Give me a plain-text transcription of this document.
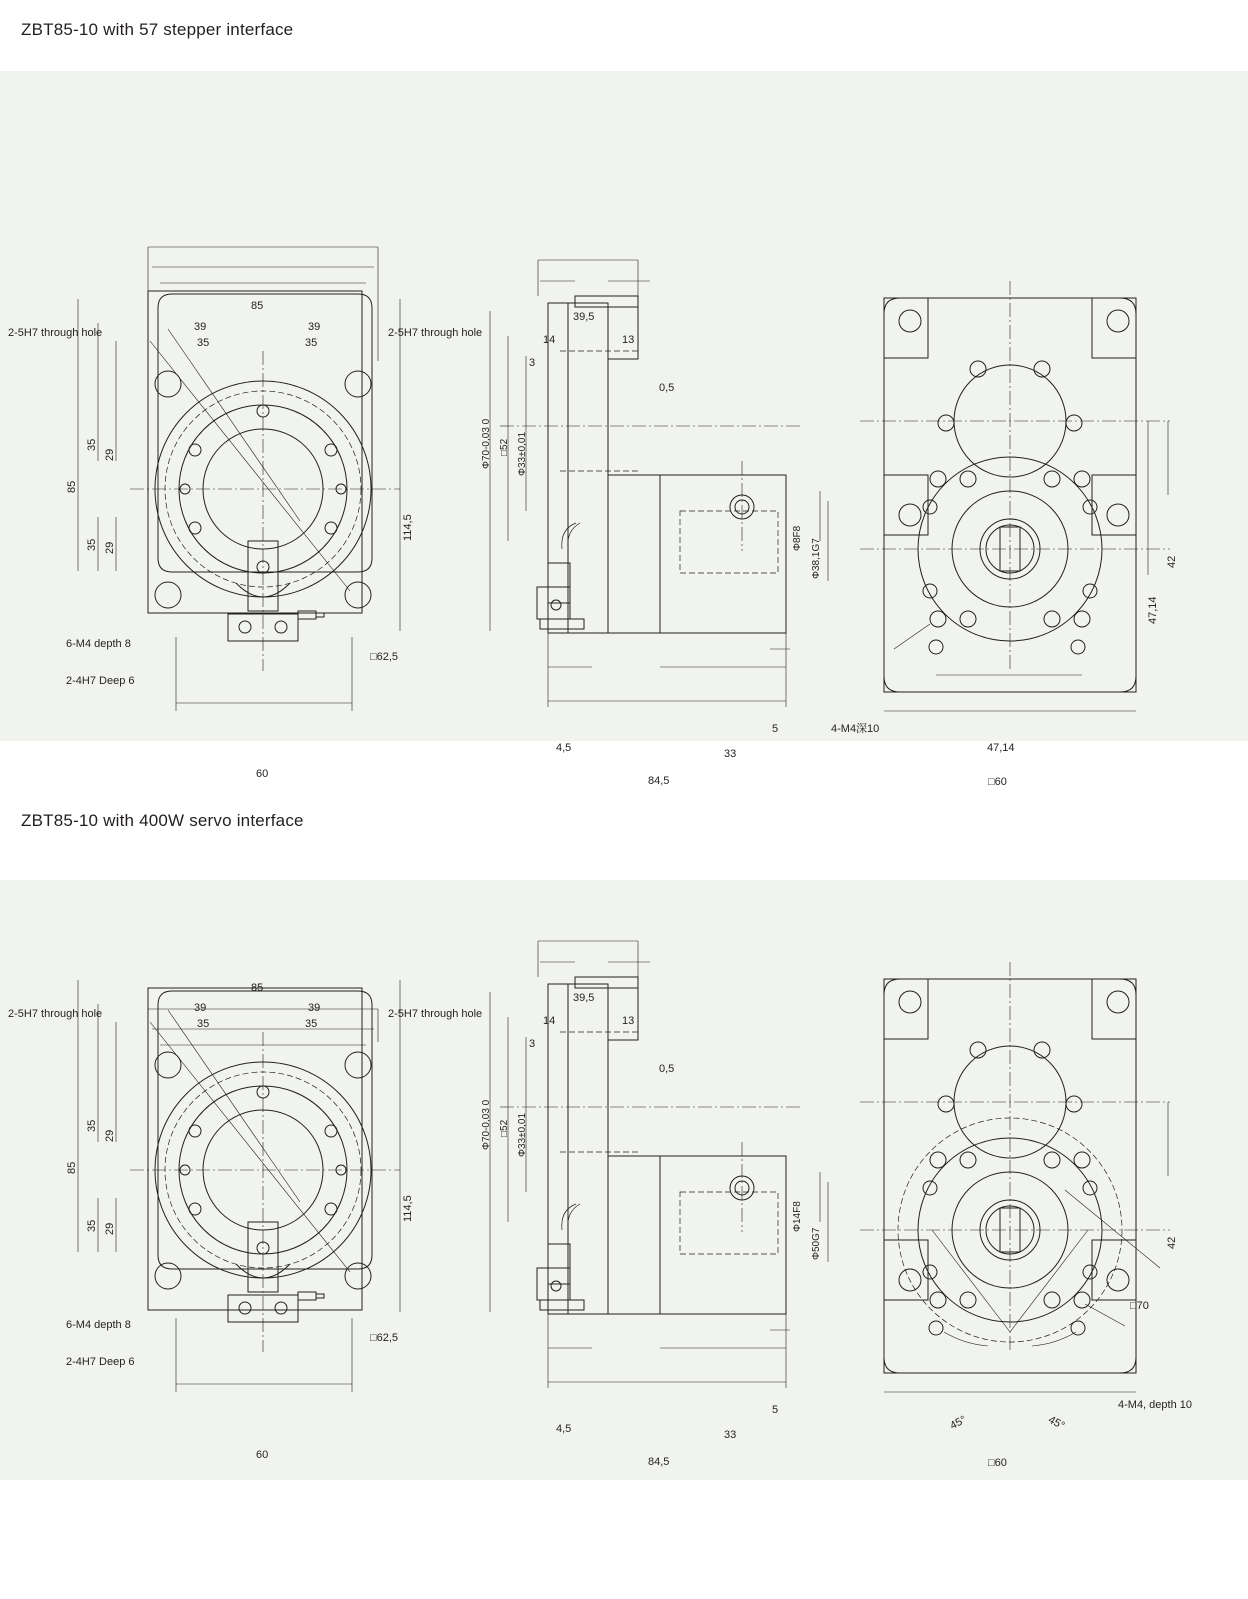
ZBT85-10 with 57 stepper interface
85
39	39
35	35
85
35
35
29
29
114,5
60
2-5H7 through hole	2-5H7 through hole
6-M4 depth 8
2-4H7 Deep 6
□62,5
39,5
14	13
3
0,5
4,5	33
5
84,5
Φ70-0,03 0 □52 Φ33±0,01
Φ8F8 Φ38,1G7	42
47,14
47,14
□60
4-M4深10
ZBT85-10 with 400W servo interface
85
39	39
35	35
85
35
35
29
29
114,5
60
2-5H7 through hole	2-5H7 through hole
6-M4 depth 8
2-4H7 Deep 6
□62,5
39,5
14	13
3
0,5
4,5	33
5
84,5
Φ70-0,03 0 □52 Φ33±0,01
Φ14F8
Φ50G7	42
45°	45°
□60
□70
4-M4, depth 10
